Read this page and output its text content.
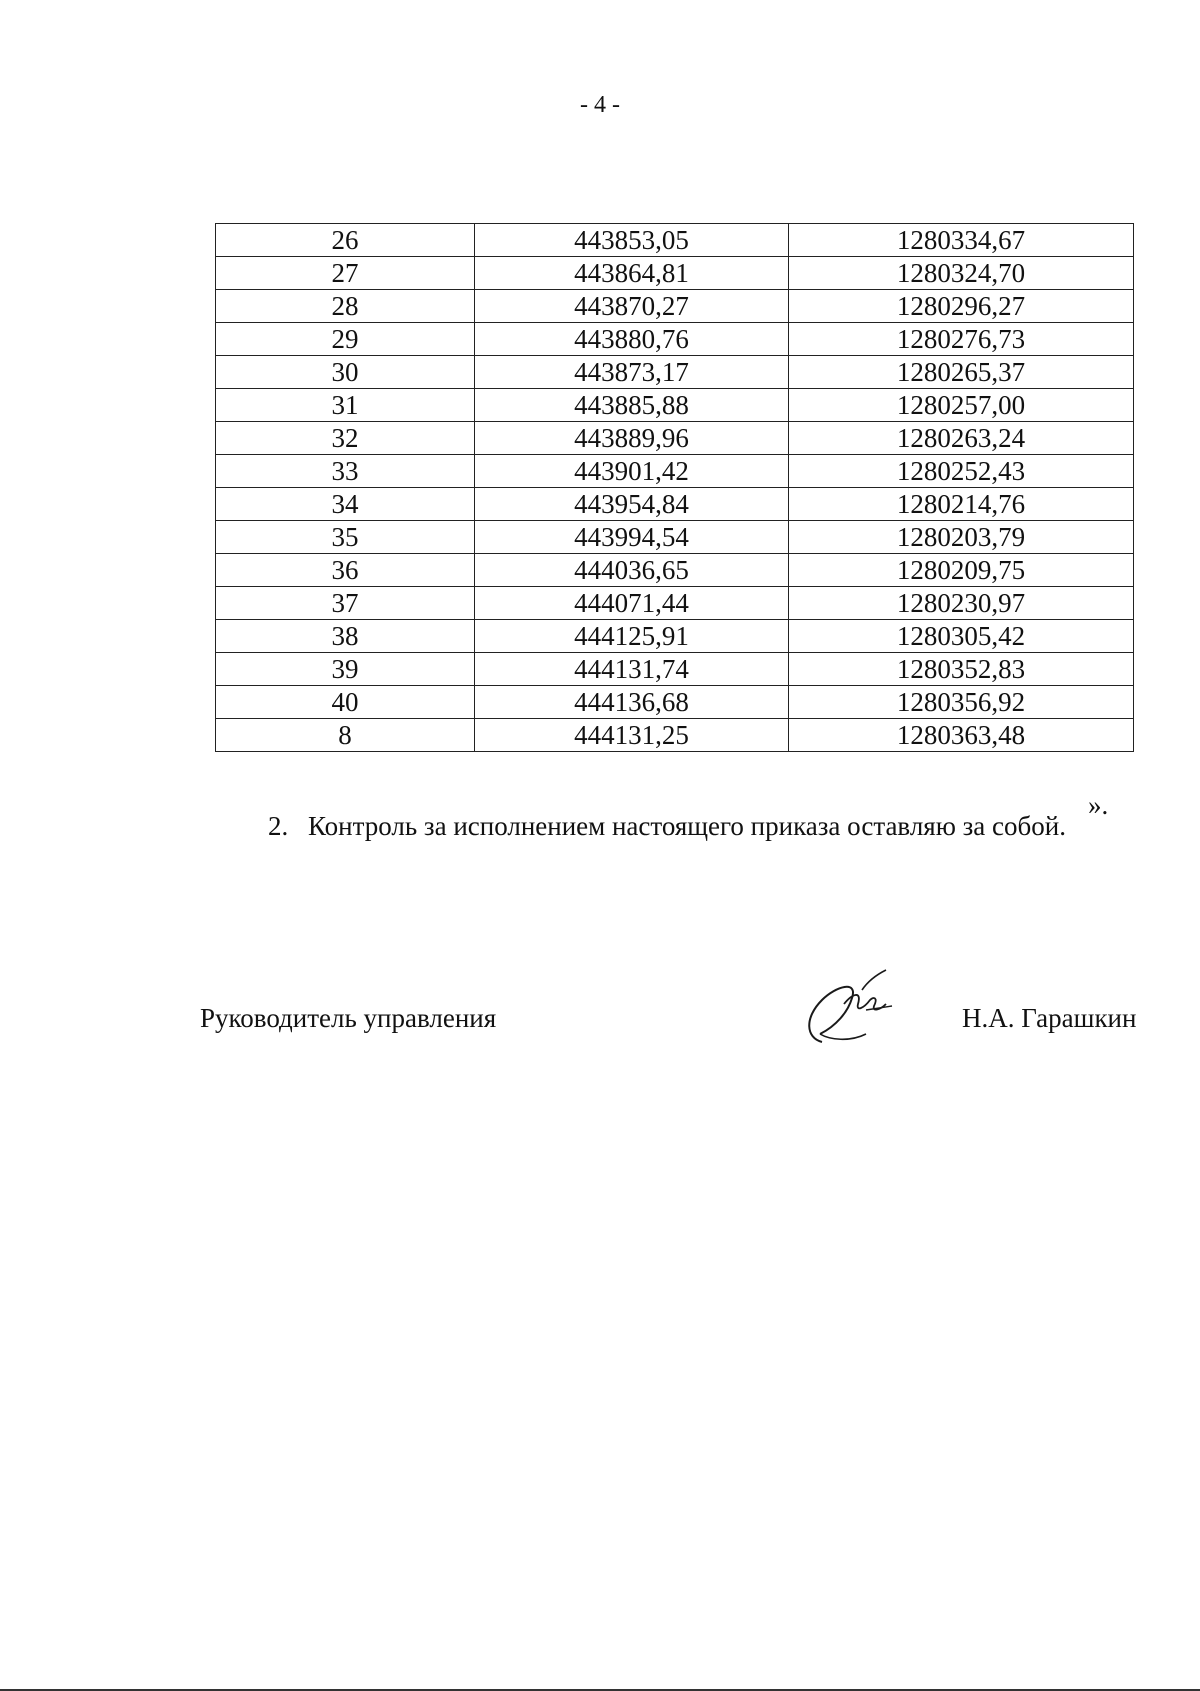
- 4 -
26	443853,05	1280334,67
27	443864,81	1280324,70
28	443870,27	1280296,27
29	443880,76	1280276,73
30	443873,17	1280265,37
31	443885,88	1280257,00
32	443889,96	1280263,24
33	443901,42	1280252,43
34	443954,84	1280214,76
35	443994,54	1280203,79
36	444036,65	1280209,75
37	444071,44	1280230,97
38	444125,91	1280305,42
39	444131,74	1280352,83
40	444136,68	1280356,92
8	444131,25	1280363,48
».
2. Контроль за исполнением настоящего приказа оставляю за собой.
Руководитель управления	Н.А. Гарашкин
